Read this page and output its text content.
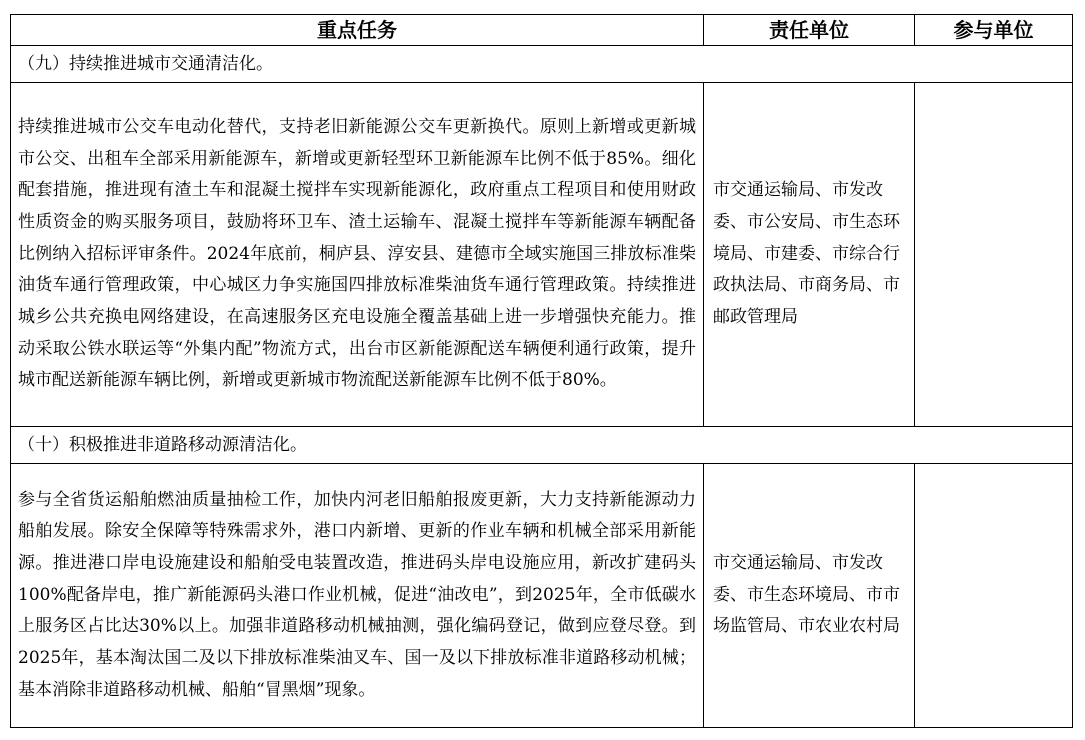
重点任务	责任单位	参与单位
（九）持续推进城市交通清洁化。		
持续推进城市公交车电动化替代，支持老旧新能源公交车更新换代。原则上新增或更新城市公交、出租车全部采用新能源车，新增或更新轻型环卫新能源车比例不低于85%。细化配套措施，推进现有渣土车和混凝土搅拌车实现新能源化，政府重点工程项目和使用财政性质资金的购买服务项目，鼓励将环卫车、渣土运输车、混凝土搅拌车等新能源车辆配备比例纳入招标评审条件。2024年底前，桐庐县、淳安县、建德市全域实施国三排放标准柴油货车通行管理政策，中心城区力争实施国四排放标准柴油货车通行管理政策。持续推进城乡公共充换电网络建设，在高速服务区充电设施全覆盖基础上进一步增强快充能力。推动采取公铁水联运等“外集内配”物流方式，出台市区新能源配送车辆便利通行政策，提升城市配送新能源车辆比例，新增或更新城市物流配送新能源车比例不低于80%。	市交通运输局、市发改委、市公安局、市生态环境局、市建委、市综合行政执法局、市商务局、市邮政管理局	
（十）积极推进非道路移动源清洁化。		
参与全省货运船舶燃油质量抽检工作，加快内河老旧船舶报废更新，大力支持新能源动力船舶发展。除安全保障等特殊需求外，港口内新增、更新的作业车辆和机械全部采用新能源。推进港口岸电设施建设和船舶受电装置改造，推进码头岸电设施应用，新改扩建码头100%配备岸电，推广新能源码头港口作业机械，促进“油改电”，到2025年，全市低碳水上服务区占比达30%以上。加强非道路移动机械抽测，强化编码登记，做到应登尽登。到2025年，基本淘汰国二及以下排放标准柴油叉车、国一及以下排放标准非道路移动机械；基本消除非道路移动机械、船舶“冒黑烟”现象。	市交通运输局、市发改委、市生态环境局、市市场监管局、市农业农村局	
